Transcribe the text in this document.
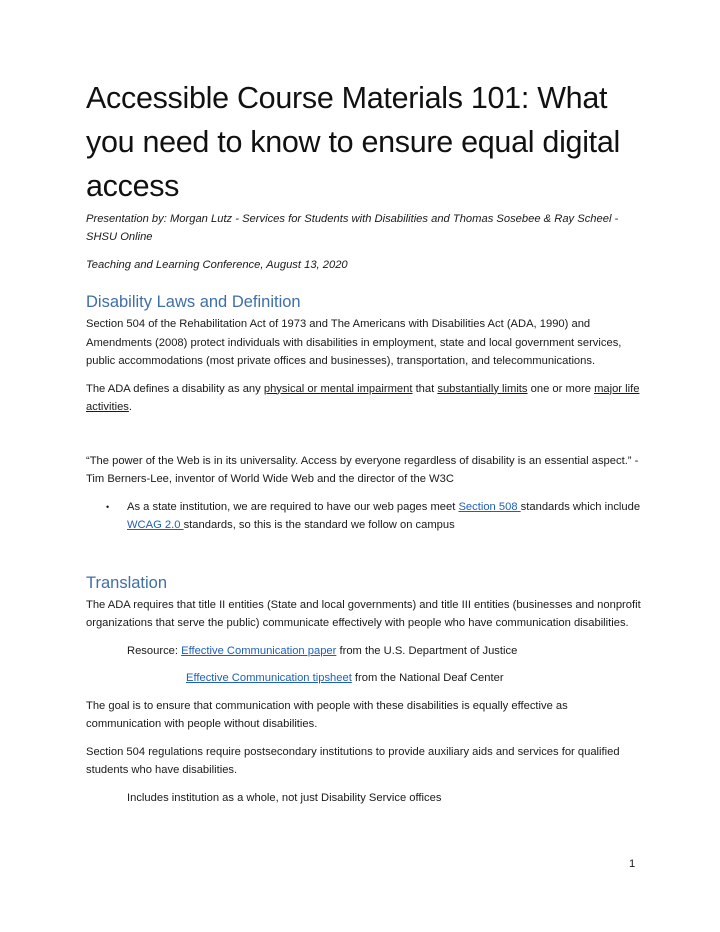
Accessible Course Materials 101: What you need to know to ensure equal digital access

Presentation by: Morgan Lutz - Services for Students with Disabilities and Thomas Sosebee & Ray Scheel - SHSU Online

Teaching and Learning Conference, August 13, 2020

Disability Laws and Definition

Section 504 of the Rehabilitation Act of 1973 and The Americans with Disabilities Act (ADA, 1990) and Amendments (2008) protect individuals with disabilities in employment, state and local government services, public accommodations (most private offices and businesses), transportation, and telecommunications.

The ADA defines a disability as any physical or mental impairment that substantially limits one or more major life activities.

“The power of the Web is in its universality. Access by everyone regardless of disability is an essential aspect.” -Tim Berners-Lee, inventor of World Wide Web and the director of the W3C

• As a state institution, we are required to have our web pages meet Section 508 standards which include WCAG 2.0 standards, so this is the standard we follow on campus

Translation

The ADA requires that title II entities (State and local governments) and title III entities (businesses and nonprofit organizations that serve the public) communicate effectively with people who have communication disabilities.

Resource: Effective Communication paper from the U.S. Department of Justice

Effective Communication tipsheet from the National Deaf Center

The goal is to ensure that communication with people with these disabilities is equally effective as communication with people without disabilities.

Section 504 regulations require postsecondary institutions to provide auxiliary aids and services for qualified students who have disabilities.

Includes institution as a whole, not just Disability Service offices

1
